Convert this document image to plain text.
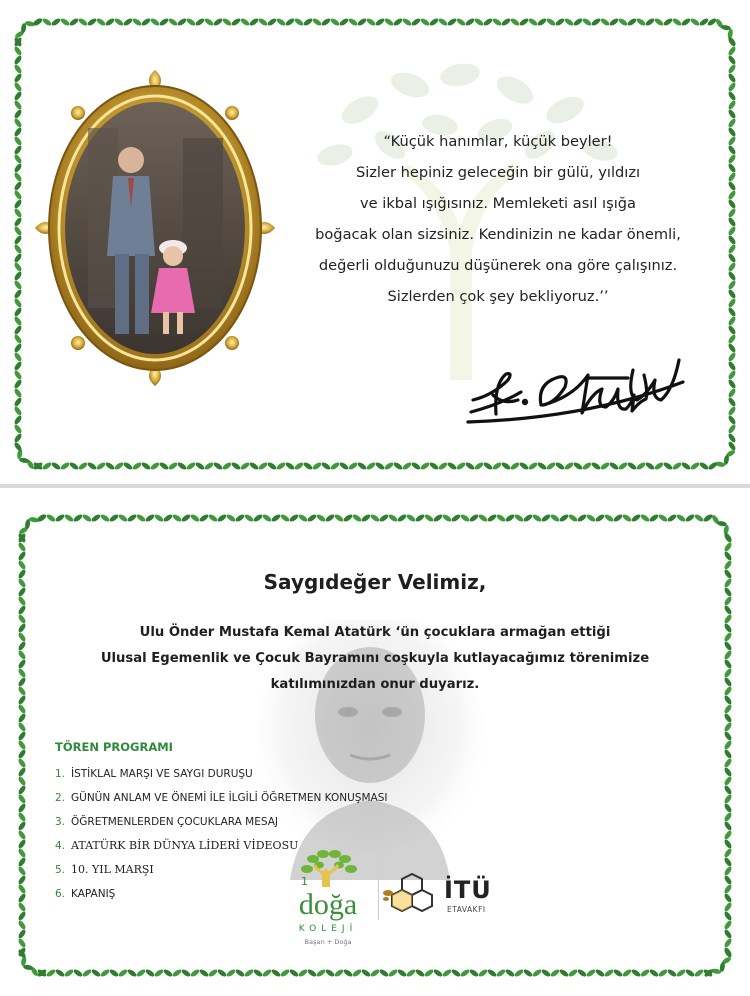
“Küçük hanımlar, küçük beyler!
Sizler hepiniz geleceğin bir gülü, yıldızı
ve ikbal ışığısınız. Memleketi asıl ışığa
boğacak olan sizsiniz. Kendinizin ne kadar önemli,
değerli olduğunuzu düşünerek ona göre çalışınız.
Sizlerden çok şey bekliyoruz.’’
Saygıdeğer Velimiz,
Ulu Önder Mustafa Kemal Atatürk ‘ün çocuklara armağan ettiği
Ulusal Egemenlik ve Çocuk Bayramını coşkuyla kutlayacağımız törenimize
katılımınızdan onur duyarız.
TÖREN PROGRAMI
1. İSTİKLAL MARŞI VE SAYGI DURUŞU
2. GÜNÜN ANLAM VE ÖNEMİ İLE İLGİLİ ÖĞRETMEN KONUŞMASI
3. ÖĞRETMENLERDEN ÇOCUKLARA MESAJ
4. ATATÜRK BİR DÜNYA LİDERİ VİDEOSU
5. 10. YIL MARŞI
6. KAPANIŞ
1
doğa
KOLEJİ
Başarı + Doğa
İTÜ
ETAVAKFI
